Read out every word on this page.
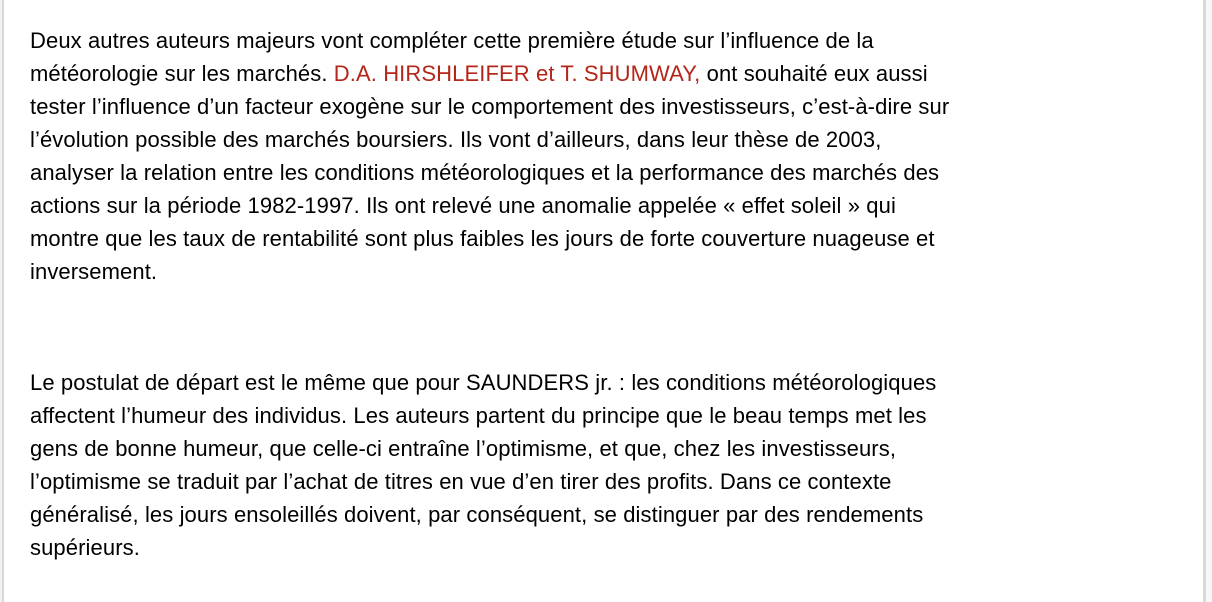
Deux autres auteurs majeurs vont compléter cette première étude sur l’influence de la
météorologie sur les marchés. D.A. HIRSHLEIFER et T. SHUMWAY, ont souhaité eux aussi
tester l’influence d’un facteur exogène sur le comportement des investisseurs, c’est-à-dire sur
l’évolution possible des marchés boursiers. Ils vont d’ailleurs, dans leur thèse de 2003,
analyser la relation entre les conditions météorologiques et la performance des marchés des
actions sur la période 1982-1997. Ils ont relevé une anomalie appelée « effet soleil » qui
montre que les taux de rentabilité sont plus faibles les jours de forte couverture nuageuse et
inversement.
Le postulat de départ est le même que pour SAUNDERS jr. : les conditions météorologiques
affectent l’humeur des individus. Les auteurs partent du principe que le beau temps met les
gens de bonne humeur, que celle-ci entraîne l’optimisme, et que, chez les investisseurs,
l’optimisme se traduit par l’achat de titres en vue d’en tirer des profits. Dans ce contexte
généralisé, les jours ensoleillés doivent, par conséquent, se distinguer par des rendements
supérieurs.
